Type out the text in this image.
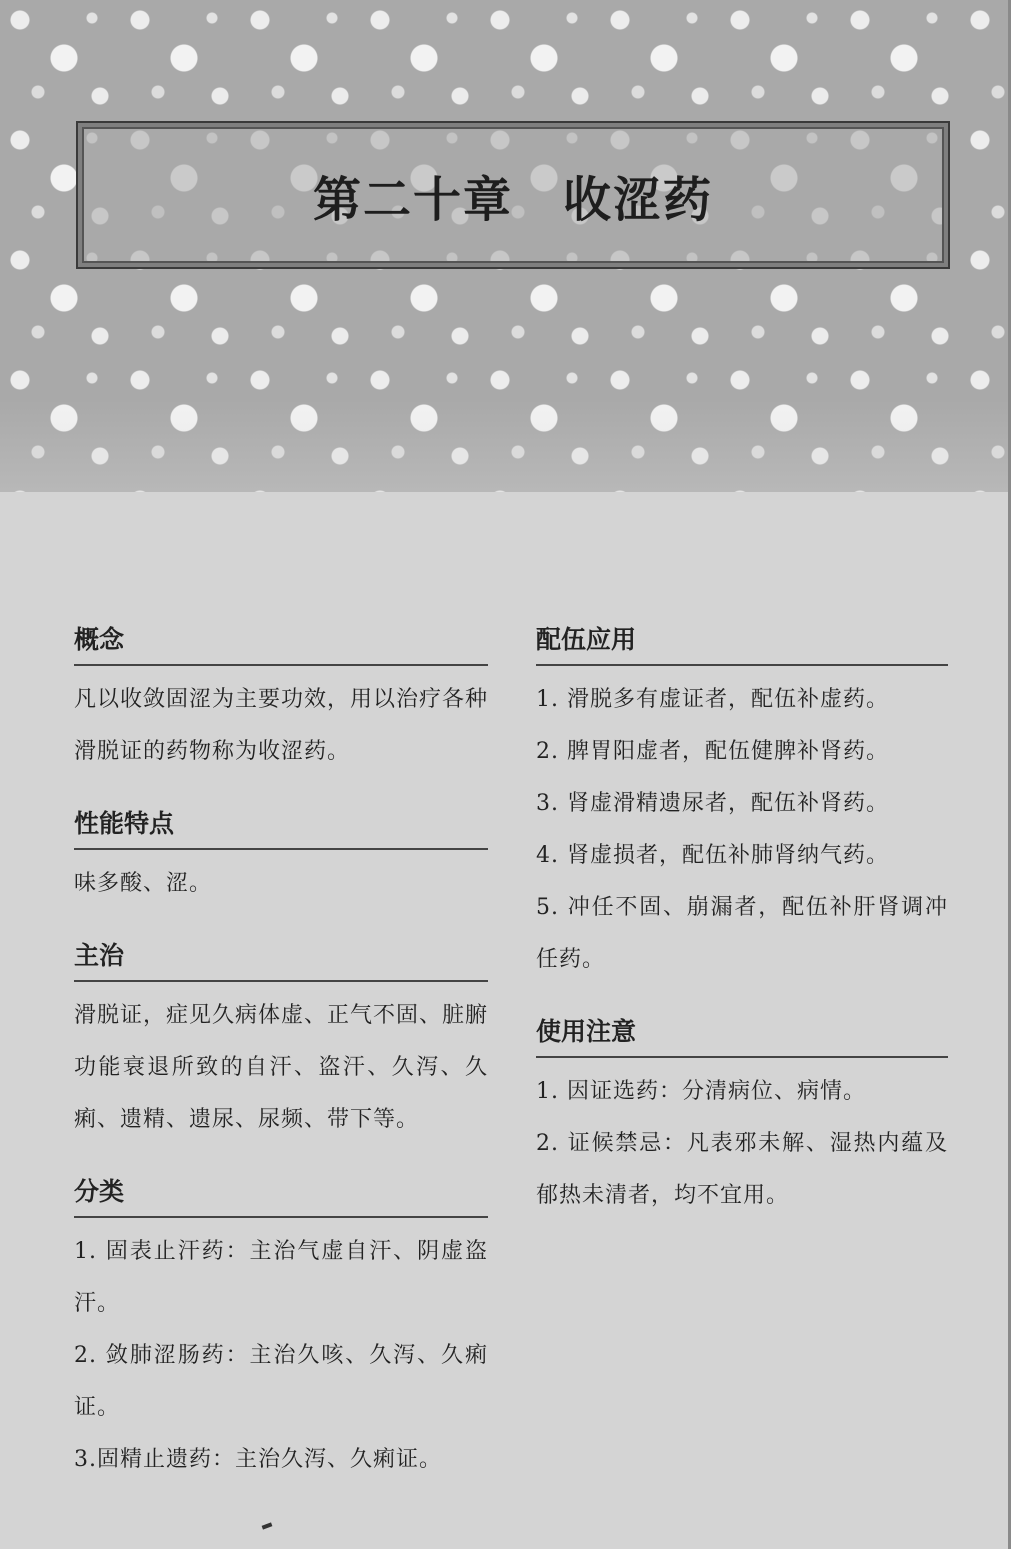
第二十章　收涩药
概念

凡以收敛固涩为主要功效，用以治疗各种滑脱证的药物称为收涩药。

性能特点

味多酸、涩。

主治

滑脱证，症见久病体虚、正气不固、脏腑功能衰退所致的自汗、盗汗、久泻、久痢、遗精、遗尿、尿频、带下等。

分类
1. 固表止汗药：主治气虚自汗、阴虚盗汗。
2. 敛肺涩肠药：主治久咳、久泻、久痢证。
3.固精止遗药：主治久泻、久痢证。
配伍应用
1. 滑脱多有虚证者，配伍补虚药。
2. 脾胃阳虚者，配伍健脾补肾药。
3. 肾虚滑精遗尿者，配伍补肾药。
4. 肾虚损者，配伍补肺肾纳气药。
5. 冲任不固、崩漏者，配伍补肝肾调冲任药。
使用注意
1. 因证选药：分清病位、病情。
2. 证候禁忌：凡表邪未解、湿热内蕴及郁热未清者，均不宜用。
